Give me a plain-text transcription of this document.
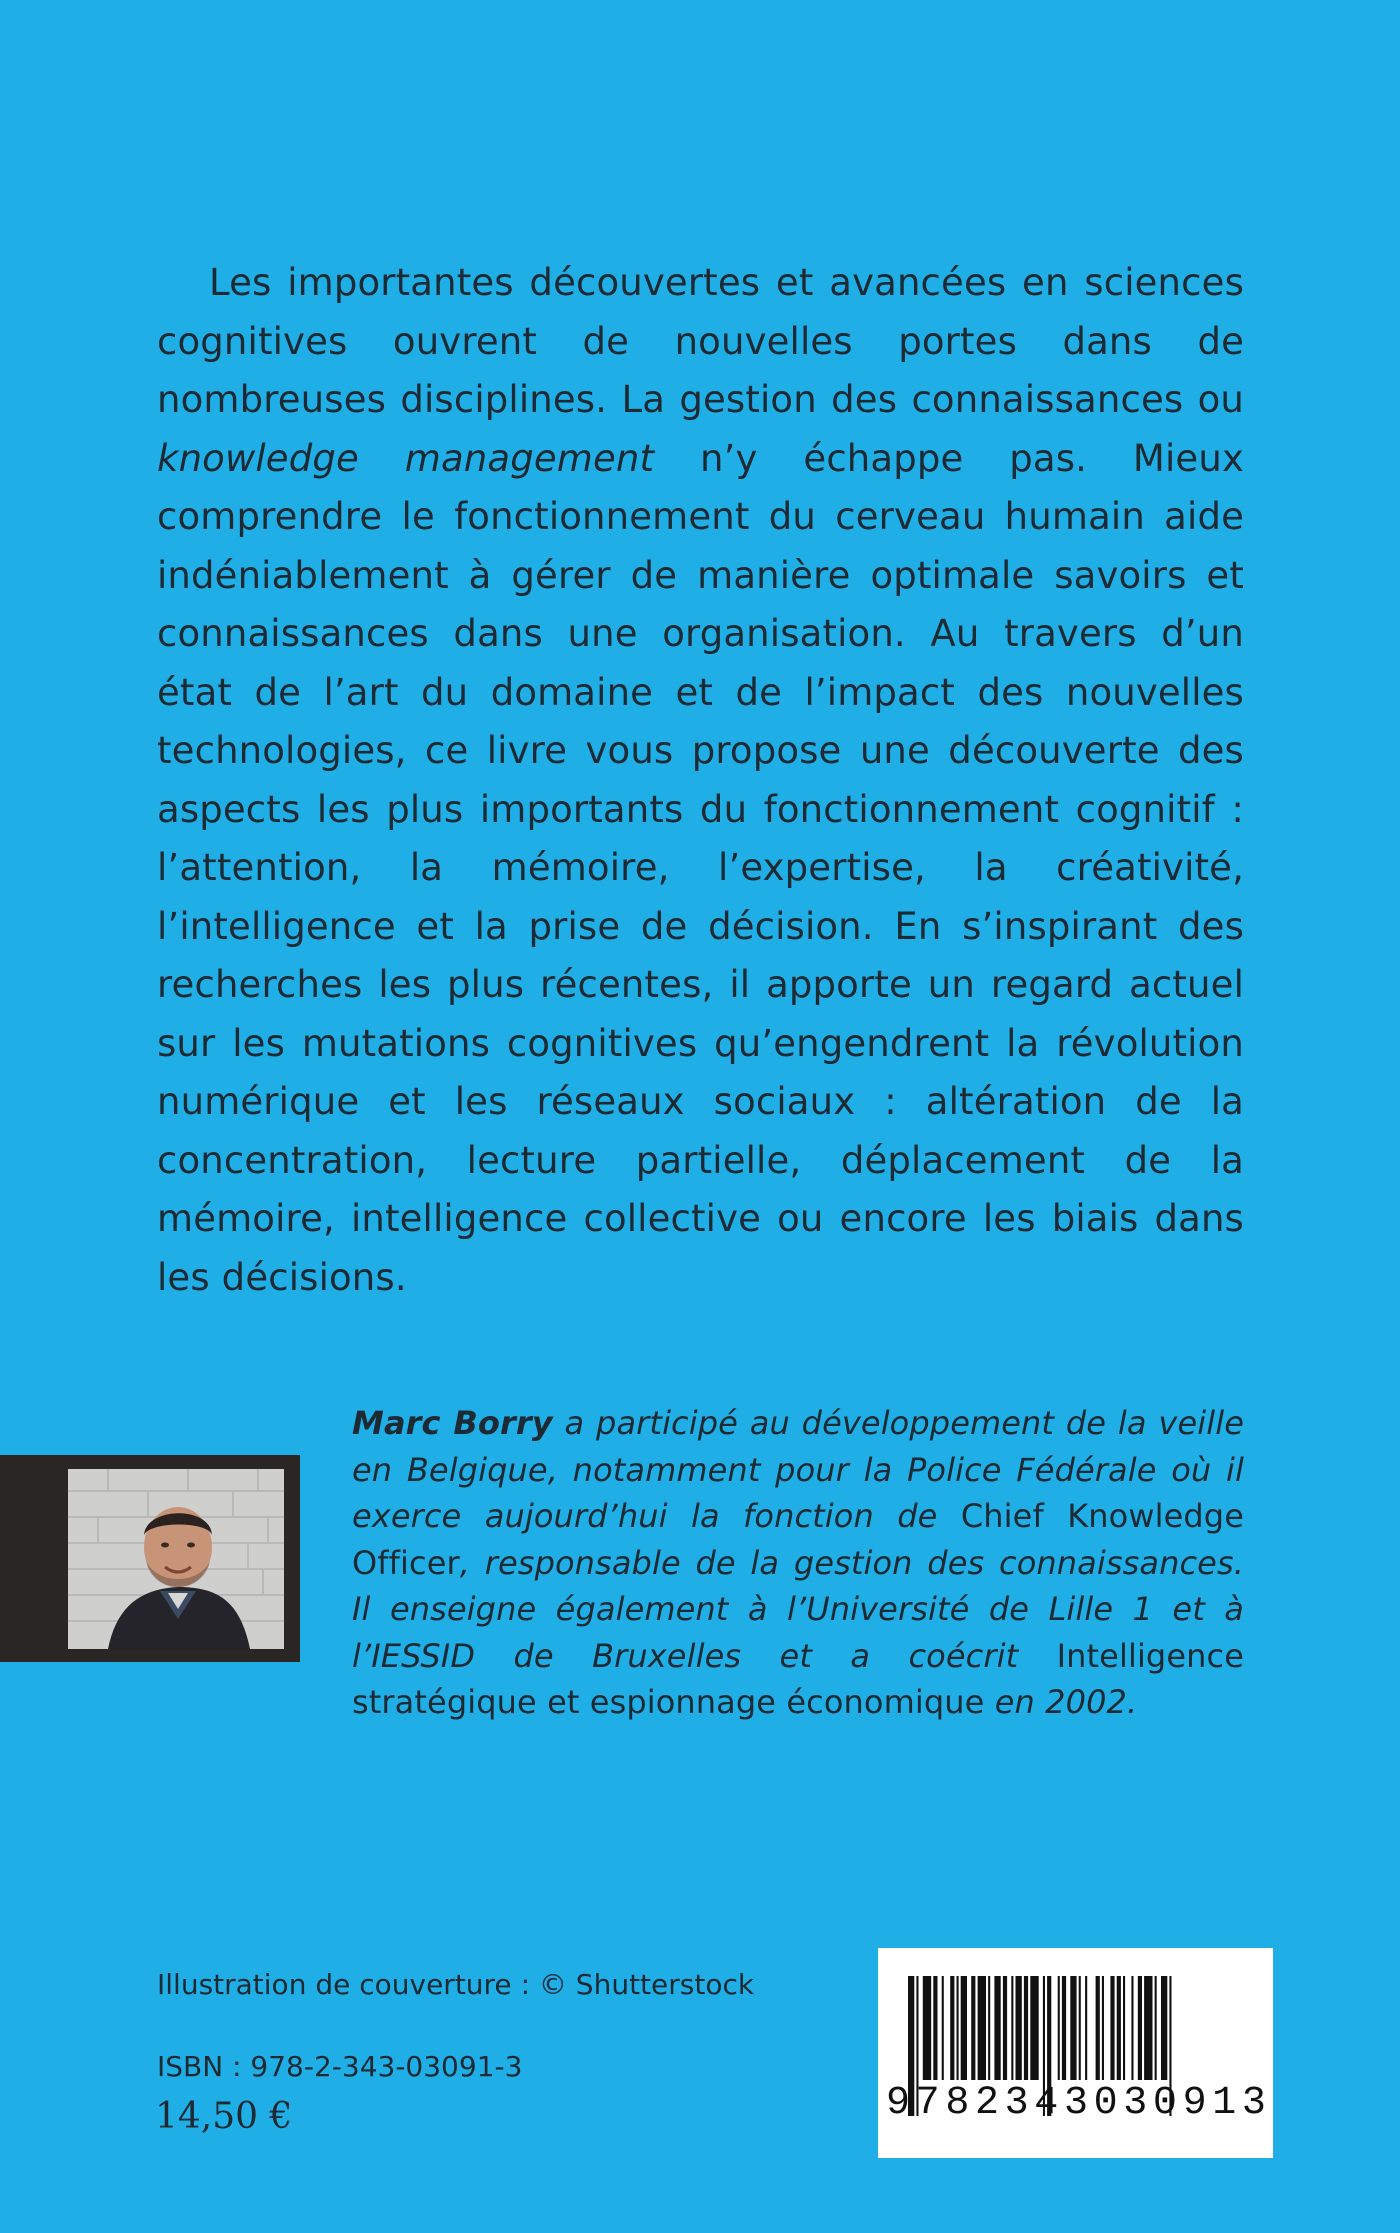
Les importantes découvertes et avancées en sciences cognitives ouvrent de nouvelles portes dans de nombreuses disciplines. La gestion des connaissances ou knowledge management n’y échappe pas. Mieux comprendre le fonctionnement du cerveau humain aide indéniablement à gérer de manière optimale savoirs et connaissances dans une organisation. Au travers d’un état de l’art du domaine et de l’impact des nouvelles technologies, ce livre vous propose une découverte des aspects les plus importants du fonctionnement cognitif : l’attention, la mémoire, l’expertise, la créativité, l’intelligence et la prise de décision. En s’inspirant des recherches les plus récentes, il apporte un regard actuel sur les mutations cognitives qu’engendrent la révolution numérique et les réseaux sociaux : altération de la concentration, lecture partielle, déplacement de la mémoire, intelligence collective ou encore les biais dans les décisions.

Marc Borry a participé au développement de la veille en Belgique, notamment pour la Police Fédérale où il exerce aujourd’hui la fonction de Chief Knowledge Officer, responsable de la gestion des connaissances. Il enseigne également à l’Université de Lille 1 et à l’IESSID de Bruxelles et a coécrit Intelligence stratégique et espionnage économique en 2002.
Illustration de couverture : © Shutterstock
ISBN : 978-2-343-03091-3
14,50 €	9 7 8 2 3 4 3 0 3 0 9 1 3
